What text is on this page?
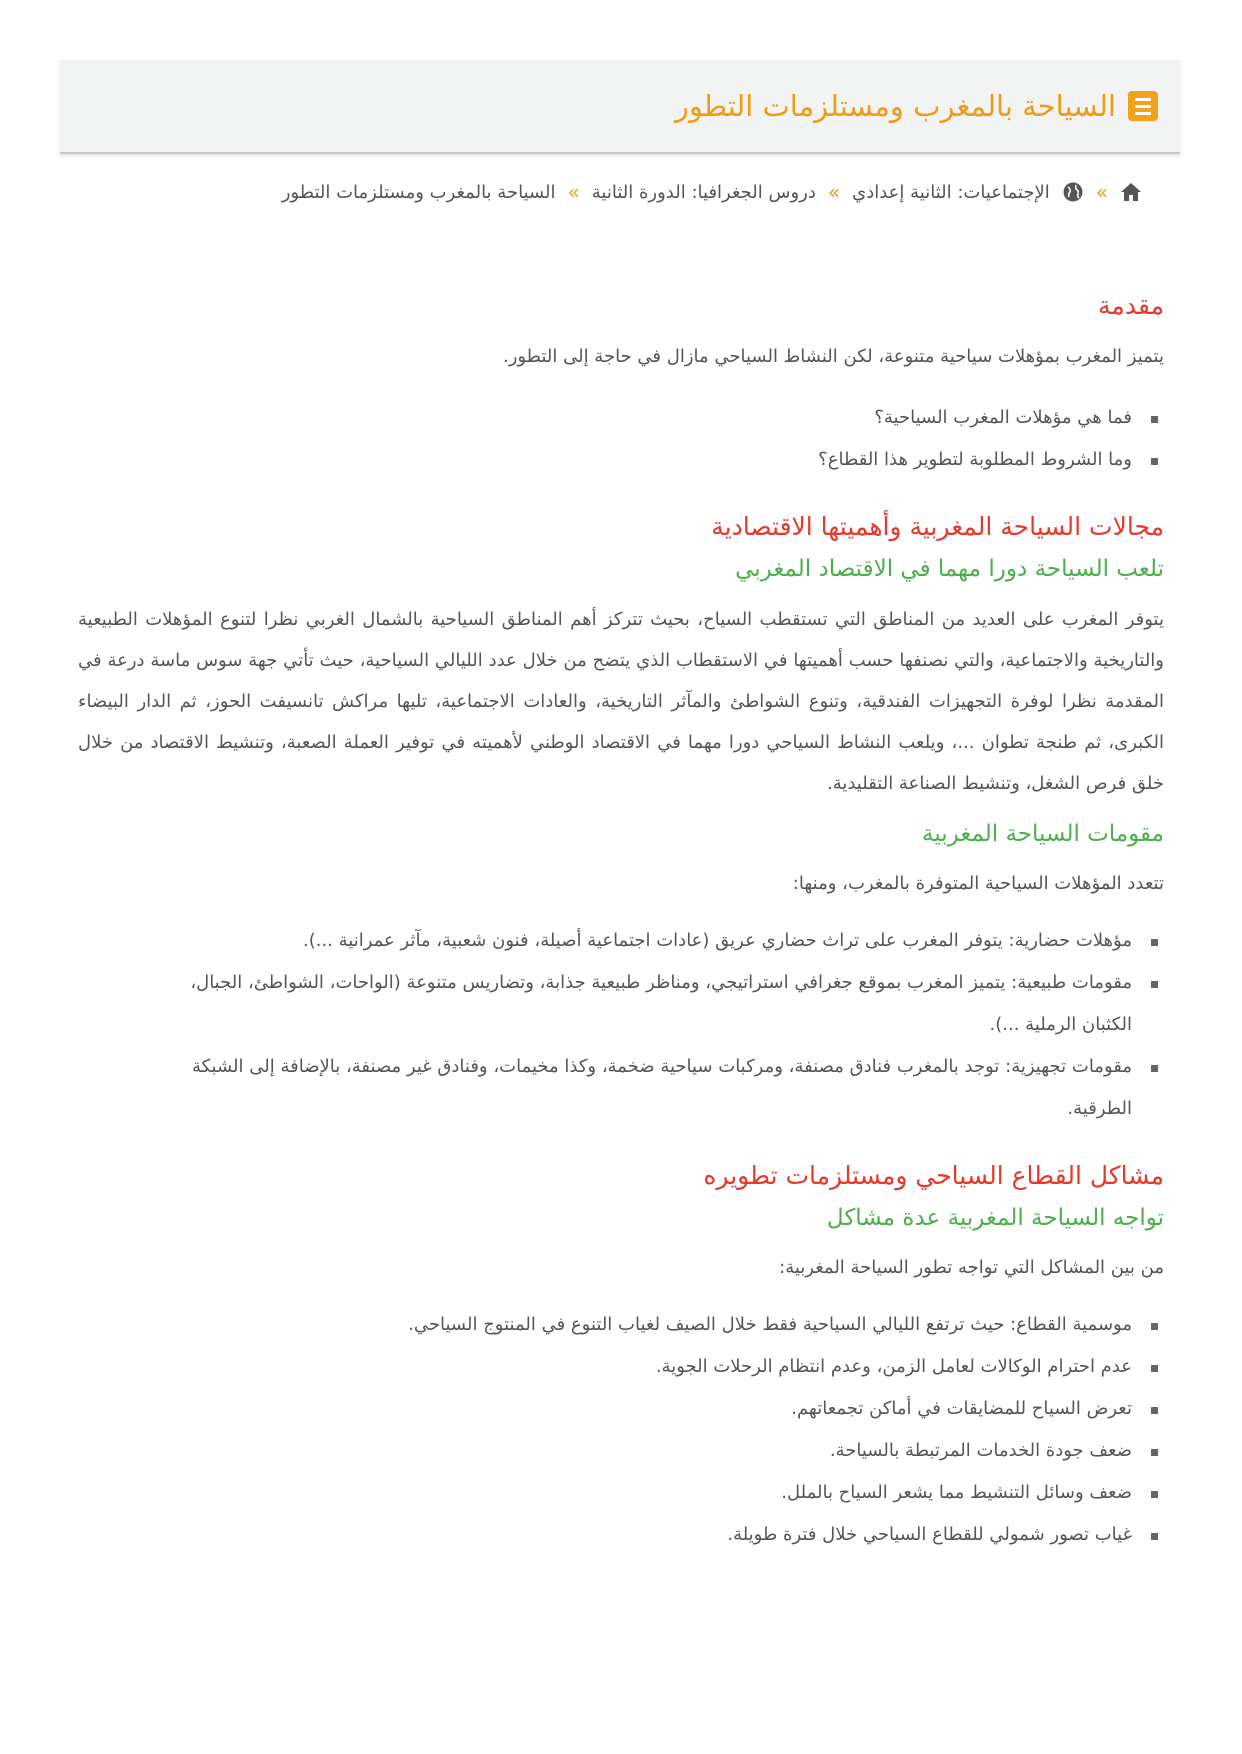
السياحة بالمغرب ومستلزمات التطور
»
الإجتماعيات: الثانية إعدادي
»
دروس الجغرافيا: الدورة الثانية
»
السياحة بالمغرب ومستلزمات التطور
مقدمة

يتميز المغرب بمؤهلات سياحية متنوعة، لكن النشاط السياحي مازال في حاجة إلى التطور.

فما هي مؤهلات المغرب السياحية؟
وما الشروط المطلوبة لتطوير هذا القطاع؟
مجالات السياحة المغربية وأهميتها الاقتصادية
تلعب السياحة دورا مهما في الاقتصاد المغربي

يتوفر المغرب على العديد من المناطق التي تستقطب السياح، بحيث تتركز أهم المناطق السياحية بالشمال الغربي نظرا لتنوع المؤهلات الطبيعية والتاريخية والاجتماعية، والتي نصنفها حسب أهميتها في الاستقطاب الذي يتضح من خلال عدد الليالي السياحية، حيث تأتي جهة سوس ماسة درعة في المقدمة نظرا لوفرة التجهيزات الفندقية، وتنوع الشواطئ والمآثر التاريخية، والعادات الاجتماعية، تليها مراكش تانسيفت الحوز، ثم الدار البيضاء الكبرى، ثم طنجة تطوان ...، ويلعب النشاط السياحي دورا مهما في الاقتصاد الوطني لأهميته في توفير العملة الصعبة، وتنشيط الاقتصاد من خلال خلق فرص الشغل، وتنشيط الصناعة التقليدية.

مقومات السياحة المغربية

تتعدد المؤهلات السياحية المتوفرة بالمغرب، ومنها:

مؤهلات حضارية: يتوفر المغرب على تراث حضاري عريق (عادات اجتماعية أصيلة، فنون شعبية، مآثر عمرانية ...).
مقومات طبيعية: يتميز المغرب بموقع جغرافي استراتيجي، ومناظر طبيعية جذابة، وتضاريس متنوعة (الواحات، الشواطئ، الجبال، الكثبان الرملية ...).
مقومات تجهيزية: توجد بالمغرب فنادق مصنفة، ومركبات سياحية ضخمة، وكذا مخيمات، وفنادق غير مصنفة، بالإضافة إلى الشبكة الطرقية.
مشاكل القطاع السياحي ومستلزمات تطويره
تواجه السياحة المغربية عدة مشاكل

من بين المشاكل التي تواجه تطور السياحة المغربية:

موسمية القطاع: حيث ترتفع الليالي السياحية فقط خلال الصيف لغياب التنوع في المنتوج السياحي.
عدم احترام الوكالات لعامل الزمن، وعدم انتظام الرحلات الجوية.
تعرض السياح للمضايقات في أماكن تجمعاتهم.
ضعف جودة الخدمات المرتبطة بالسياحة.
ضعف وسائل التنشيط مما يشعر السياح بالملل.
غياب تصور شمولي للقطاع السياحي خلال فترة طويلة.
